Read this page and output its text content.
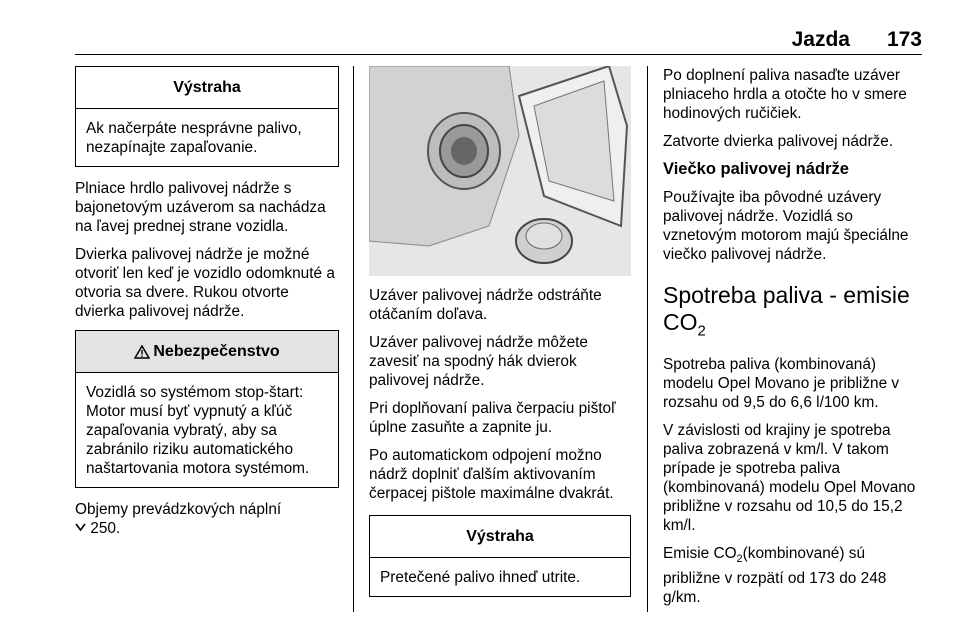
Jazda 173
Výstraha
Ak načerpáte nesprávne palivo, nezapínajte zapaľovanie.

Plniace hrdlo palivovej nádrže s bajonetovým uzáverom sa nachádza na ľavej prednej strane vozidla.

Dvierka palivovej nádrže je možné otvoriť len keď je vozidlo odomknuté a otvoria sa dvere. Rukou otvorte dvierka palivovej nádrže.

Nebezpečenstvo
Vozidlá so systémom stop-štart: Motor musí byť vypnutý a kľúč zapaľovania vybratý, aby sa zabránilo riziku automatického naštartovania motora systémom.

Objemy prevádzkových náplní

250.

Uzáver palivovej nádrže odstráňte otáčaním doľava.

Uzáver palivovej nádrže môžete zavesiť na spodný hák dvierok palivovej nádrže.

Pri doplňovaní paliva čerpaciu pištoľ úplne zasuňte a zapnite ju.

Po automatickom odpojení možno nádrž doplniť ďalším aktivovaním čerpacej pištole maximálne dvakrát.

Výstraha
Pretečené palivo ihneď utrite.

Po doplnení paliva nasaďte uzáver plniaceho hrdla a otočte ho v smere hodinových ručičiek.

Zatvorte dvierka palivovej nádrže.

Viečko palivovej nádrže

Používajte iba pôvodné uzávery palivovej nádrže. Vozidlá so vznetovým motorom majú špeciálne viečko palivovej nádrže.

Spotreba paliva - emisie $CO_2$

Spotreba paliva (kombinovaná) modelu Opel Movano je približne v rozsahu od 9,5 do 6,6 l/100 km.

V závislosti od krajiny je spotreba paliva zobrazená v km/l. V takom prípade je spotreba paliva (kombinovaná) modelu Opel Movano približne v rozsahu od 10,5 do 15,2 km/l.

Emisie $CO_2(kombinované)$ sú približne v rozpätí od 173 do 248 g/km.
